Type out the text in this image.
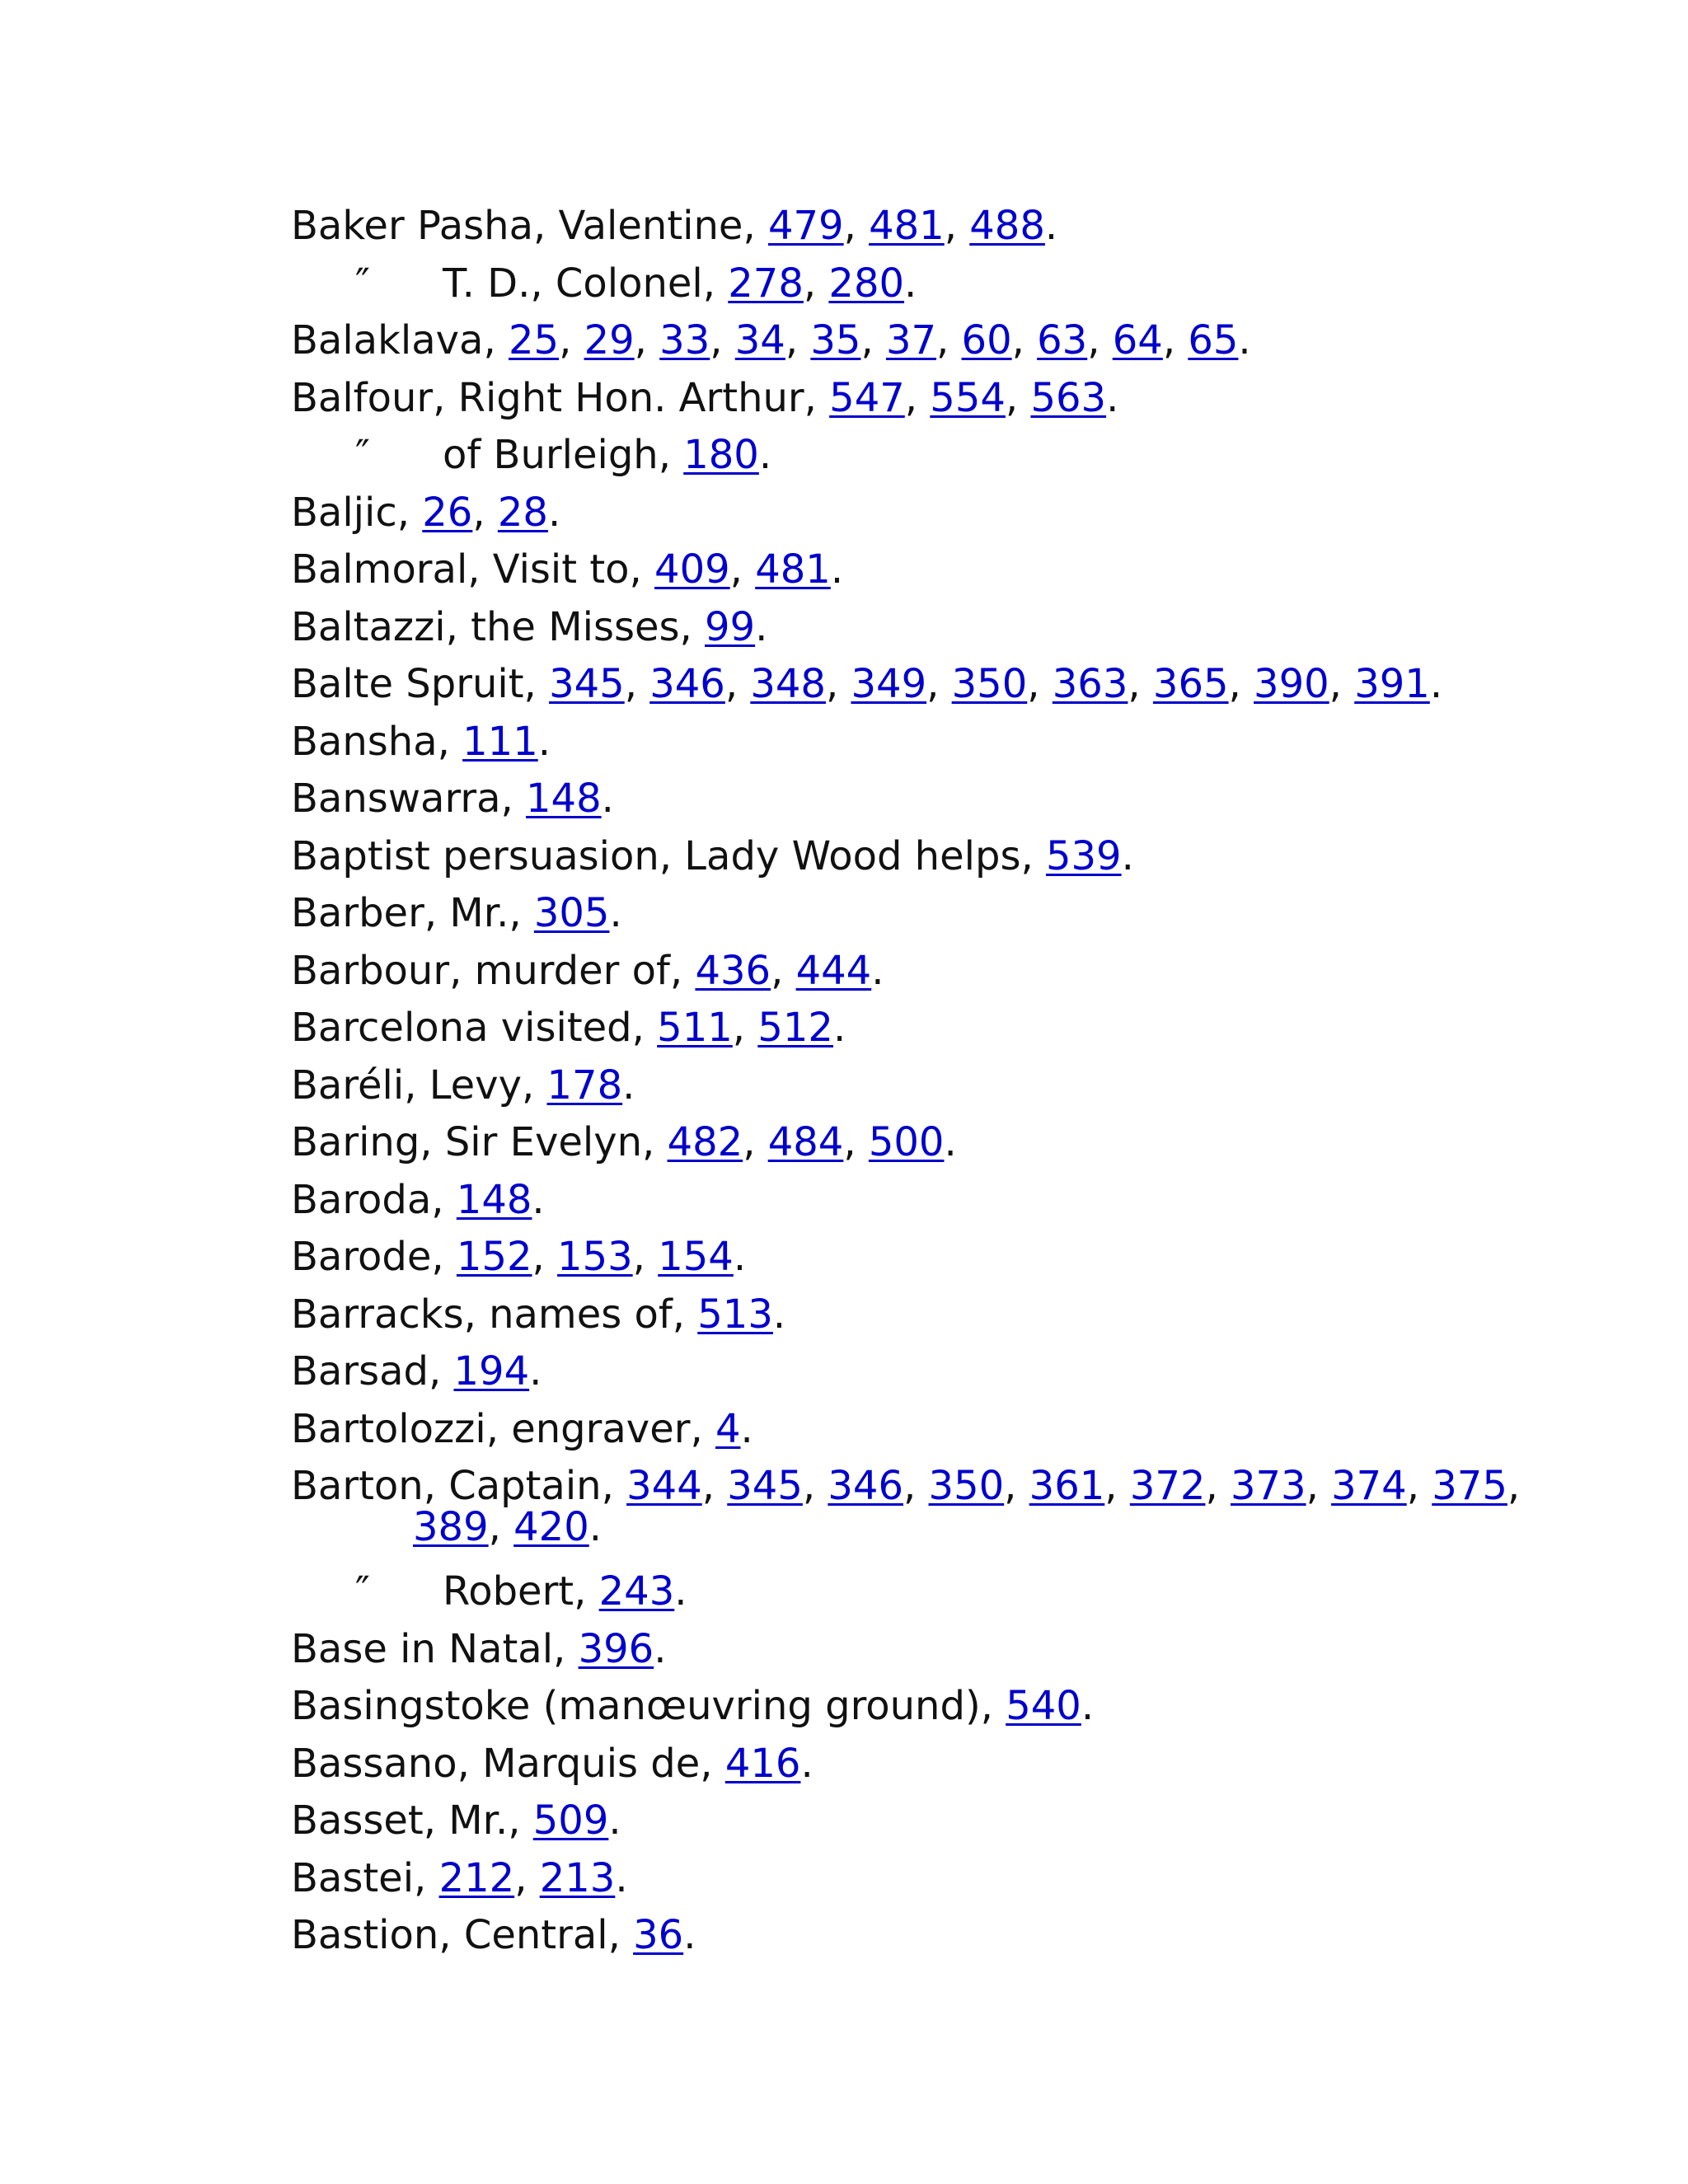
Baker Pasha, Valentine, 479, 481, 488.
″ T. D., Colonel, 278, 280.
Balaklava, 25, 29, 33, 34, 35, 37, 60, 63, 64, 65.
Balfour, Right Hon. Arthur, 547, 554, 563.
″ of Burleigh, 180.
Baljic, 26, 28.
Balmoral, Visit to, 409, 481.
Baltazzi, the Misses, 99.
Balte Spruit, 345, 346, 348, 349, 350, 363, 365, 390, 391.
Bansha, 111.
Banswarra, 148.
Baptist persuasion, Lady Wood helps, 539.
Barber, Mr., 305.
Barbour, murder of, 436, 444.
Barcelona visited, 511, 512.
Baréli, Levy, 178.
Baring, Sir Evelyn, 482, 484, 500.
Baroda, 148.
Barode, 152, 153, 154.
Barracks, names of, 513.
Barsad, 194.
Bartolozzi, engraver, 4.
Barton, Captain, 344, 345, 346, 350, 361, 372, 373, 374, 375,
389, 420.
″ Robert, 243.
Base in Natal, 396.
Basingstoke (manœuvring ground), 540.
Bassano, Marquis de, 416.
Basset, Mr., 509.
Bastei, 212, 213.
Bastion, Central, 36.
